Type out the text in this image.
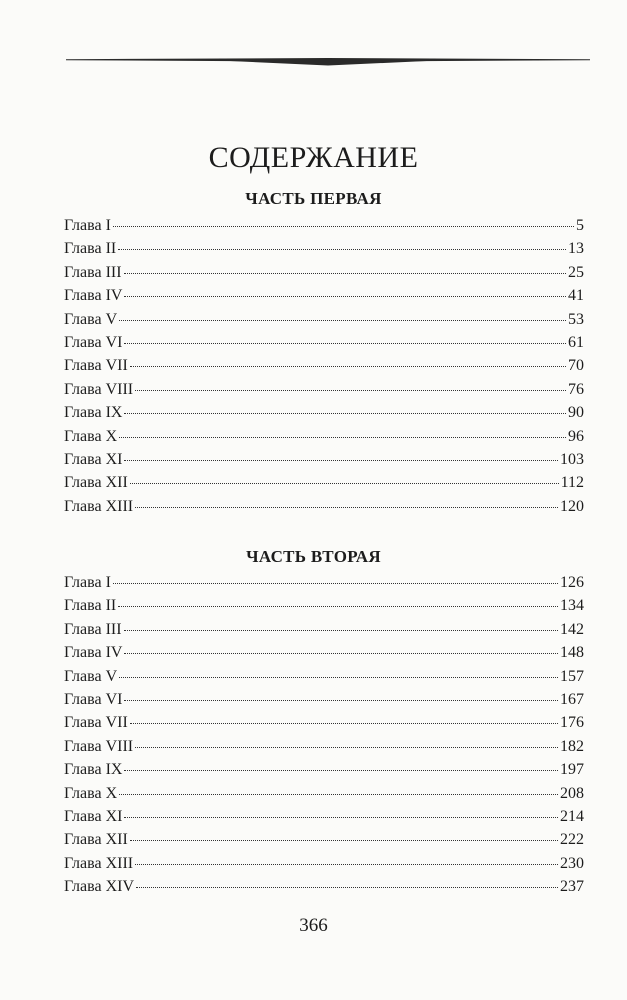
СОДЕРЖАНИЕ
ЧАСТЬ ПЕРВАЯ
Глава I	5
Глава II	13
Глава III	25
Глава IV	41
Глава V	53
Глава VI	61
Глава VII	70
Глава VIII	76
Глава IX	90
Глава X	96
Глава XI	103
Глава XII	112
Глава XIII	120
ЧАСТЬ ВТОРАЯ
Глава I	126
Глава II	134
Глава III	142
Глава IV	148
Глава V	157
Глава VI	167
Глава VII	176
Глава VIII	182
Глава IX	197
Глава X	208
Глава XI	214
Глава XII	222
Глава XIII	230
Глава XIV	237
366
